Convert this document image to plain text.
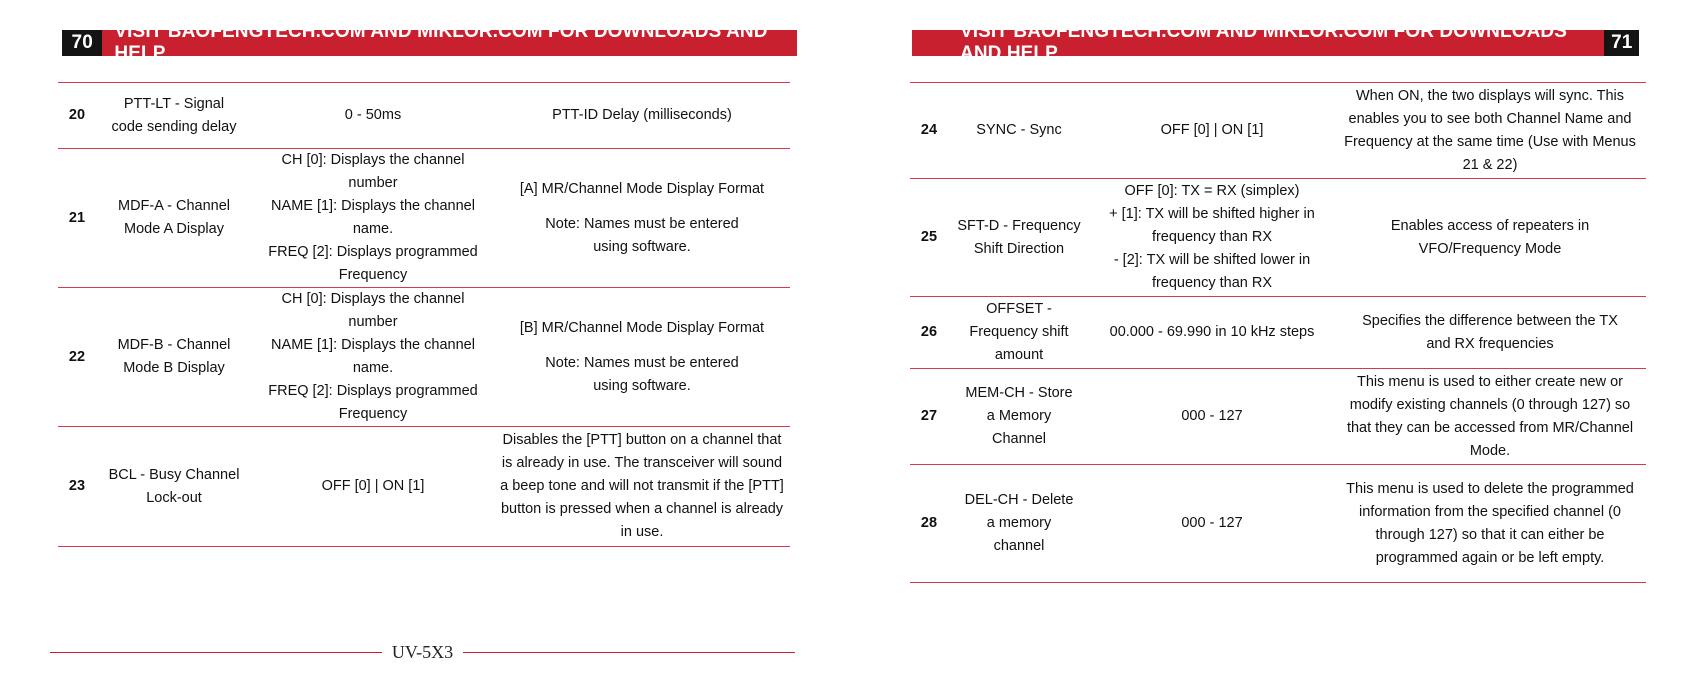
70
VISIT BAOFENGTECH.COM AND MIKLOR.COM FOR DOWNLOADS AND HELP
20	PTT-LT - Signal code sending delay	0 - 50ms	PTT-ID Delay (milliseconds)

21	MDF-A - Channel Mode A Display	CH [0]: Displays the channel number
NAME [1]: Displays the channel name.
FREQ [2]: Displays programmed Frequency	[A] MR/Channel Mode Display Format
Note: Names must be entered using software.

22	MDF-B - Channel Mode B Display	CH [0]: Displays the channel number
NAME [1]: Displays the channel name.
FREQ [2]: Displays programmed Frequency	[B] MR/Channel Mode Display Format
Note: Names must be entered using software.

23	BCL - Busy Channel Lock-out	OFF [0] | ON [1]	Disables the [PTT] button on a channel that is already in use. The transceiver will sound a beep tone and will not transmit if the [PTT] button is pressed when a channel is already in use.
UV-5X3
VISIT BAOFENGTECH.COM AND MIKLOR.COM FOR DOWNLOADS AND HELP
71
24	SYNC - Sync	OFF [0] | ON [1]	When ON, the two displays will sync. This enables you to see both Channel Name and Frequency at the same time (Use with Menus 21 & 22)

25	SFT-D - Frequency Shift Direction	OFF [0]: TX = RX (simplex)
+ [1]: TX will be shifted higher in frequency than RX
- [2]: TX will be shifted lower in frequency than RX	Enables access of repeaters in VFO/Frequency Mode

26	OFFSET - Frequency shift amount	00.000 - 69.990 in 10 kHz steps	Specifies the difference between the TX and RX frequencies

27	MEM-CH - Store a Memory Channel	000 - 127	This menu is used to either create new or modify existing channels (0 through 127) so that they can be accessed from MR/Channel Mode.

28	DEL-CH - Delete a memory channel	000 - 127	This menu is used to delete the programmed information from the specified channel (0 through 127) so that it can either be programmed again or be left empty.
